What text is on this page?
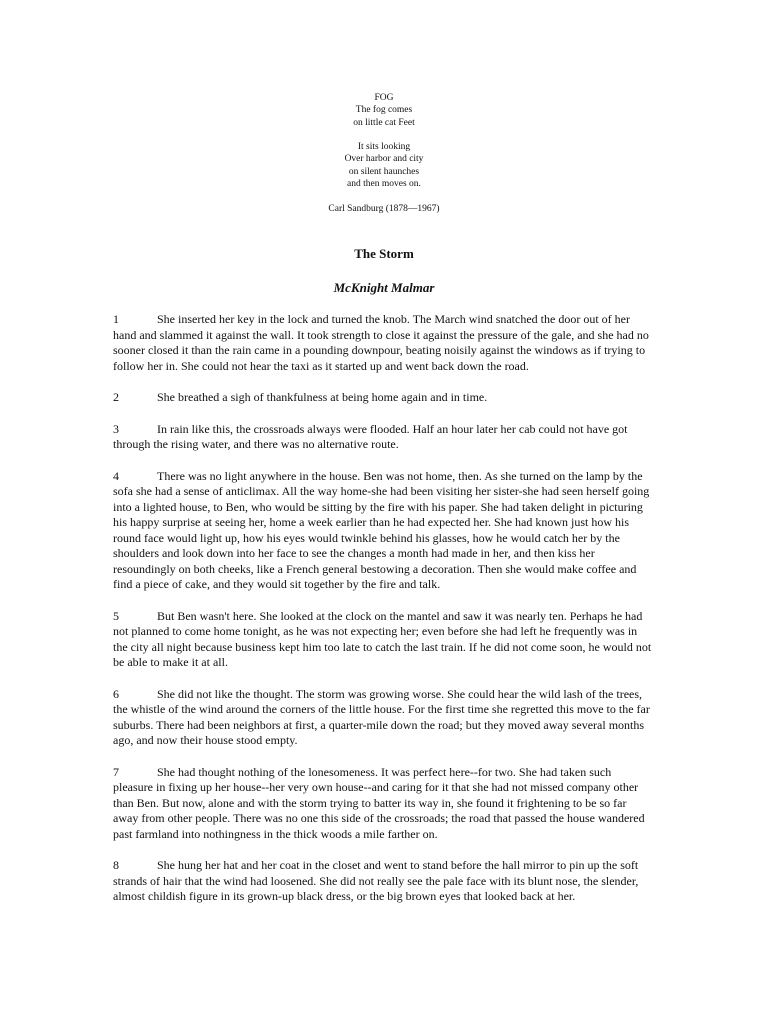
FOG
The fog comes
on little cat Feet
It sits looking
Over harbor and city
on silent haunches
and then moves on.
Carl Sandburg (1878—1967)
The Storm
McKnight Malmar

1	She inserted her key in the lock and turned the knob. The March wind snatched the door out of her hand and slammed it against the wall. It took strength to close it against the pressure of the gale, and she had no sooner closed it than the rain came in a pounding downpour, beating noisily against the windows as if trying to follow her in. She could not hear the taxi as it started up and went back down the road.

2	She breathed a sigh of thankfulness at being home again and in time.

3	In rain like this, the crossroads always were flooded. Half an hour later her cab could not have got through the rising water, and there was no alternative route.

4	There was no light anywhere in the house. Ben was not home, then. As she turned on the lamp by the sofa she had a sense of anticlimax. All the way home-she had been visiting her sister-she had seen herself going into a lighted house, to Ben, who would be sitting by the fire with his paper. She had taken delight in picturing his happy surprise at seeing her, home a week earlier than he had expected her. She had known just how his round face would light up, how his eyes would twinkle behind his glasses, how he would catch her by the shoulders and look down into her face to see the changes a month had made in her, and then kiss her resoundingly on both cheeks, like a French general bestowing a decoration. Then she would make coffee and find a piece of cake, and they would sit together by the fire and talk.

5	But Ben wasn't here. She looked at the clock on the mantel and saw it was nearly ten. Perhaps he had not planned to come home tonight, as he was not expecting her; even before she had left he frequently was in the city all night because business kept him too late to catch the last train. If he did not come soon, he would not be able to make it at all.

6	She did not like the thought. The storm was growing worse. She could hear the wild lash of the trees, the whistle of the wind around the corners of the little house. For the first time she regretted this move to the far suburbs. There had been neighbors at first, a quarter-mile down the road; but they moved away several months ago, and now their house stood empty.

7	She had thought nothing of the lonesomeness. It was perfect here--for two. She had taken such pleasure in fixing up her house--her very own house--and caring for it that she had not missed company other than Ben. But now, alone and with the storm trying to batter its way in, she found it frightening to be so far away from other people. There was no one this side of the crossroads; the road that passed the house wandered past farmland into nothingness in the thick woods a mile farther on.

8	She hung her hat and her coat in the closet and went to stand before the hall mirror to pin up the soft strands of hair that the wind had loosened. She did not really see the pale face with its blunt nose, the slender, almost childish figure in its grown-up black dress, or the big brown eyes that looked back at her.
